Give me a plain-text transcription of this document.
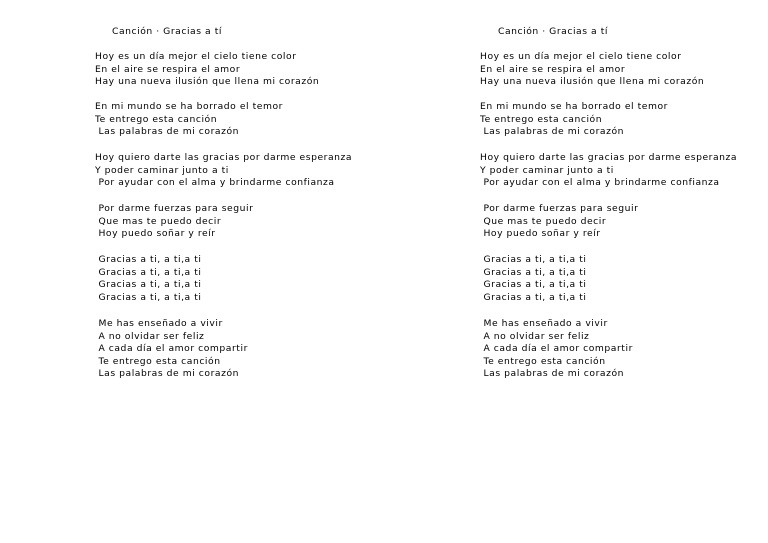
Canción · Gracias a tí
Hoy es un día mejor el cielo tiene color
En el aire se respira el amor
Hay una nueva ilusión que llena mi corazón
En mi mundo se ha borrado el temor
Te entrego esta canción
Las palabras de mi corazón
Hoy quiero darte las gracias por darme esperanza
Y poder caminar junto a ti
Por ayudar con el alma y brindarme confianza
Por darme fuerzas para seguir
Que mas te puedo decir
Hoy puedo soñar y reír
Gracias a ti, a ti,a ti
Gracias a ti, a ti,a ti
Gracias a ti, a ti,a ti
Gracias a ti, a ti,a ti
Me has enseñado a vivir
A no olvidar ser feliz
A cada día el amor compartir
Te entrego esta canción
Las palabras de mi corazón
Canción · Gracias a tí
Hoy es un día mejor el cielo tiene color
En el aire se respira el amor
Hay una nueva ilusión que llena mi corazón
En mi mundo se ha borrado el temor
Te entrego esta canción
Las palabras de mi corazón
Hoy quiero darte las gracias por darme esperanza
Y poder caminar junto a ti
Por ayudar con el alma y brindarme confianza
Por darme fuerzas para seguir
Que mas te puedo decir
Hoy puedo soñar y reír
Gracias a ti, a ti,a ti
Gracias a ti, a ti,a ti
Gracias a ti, a ti,a ti
Gracias a ti, a ti,a ti
Me has enseñado a vivir
A no olvidar ser feliz
A cada día el amor compartir
Te entrego esta canción
Las palabras de mi corazón
